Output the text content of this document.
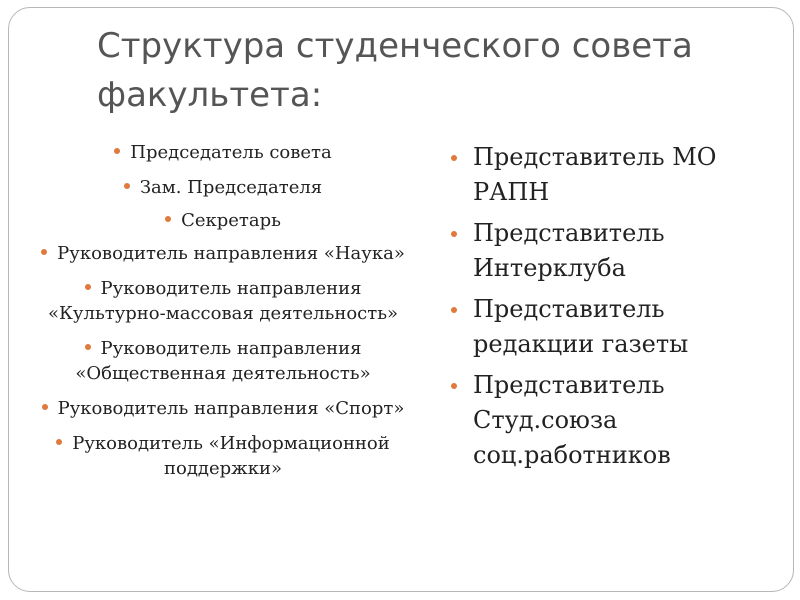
Структура студенческого совета факультета:
Председатель совета
Зам. Председателя
Секретарь
Руководитель направления «Наука»
Руководитель направления «Культурно-массовая деятельность»
Руководитель направления «Общественная деятельность»
Руководитель направления «Спорт»
Руководитель «Информационной поддержки»
Представитель МО РАПН
Представитель Интерклуба
Представитель редакции газеты
Представитель Студ.союза соц.работников
